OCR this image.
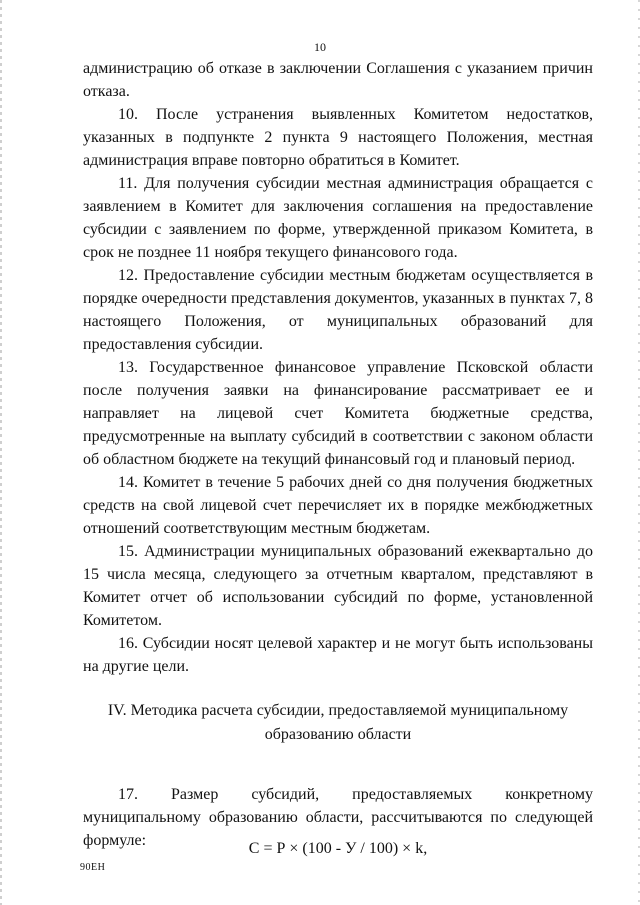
10

администрацию об отказе в заключении Соглашения с указанием причин отказа.

10. После устранения выявленных Комитетом недостатков, указанных в подпункте 2 пункта 9 настоящего Положения, местная администрация вправе повторно обратиться в Комитет.

11. Для получения субсидии местная администрация обращается с заявлением в Комитет для заключения соглашения на предоставление субсидии с заявлением по форме, утвержденной приказом Комитета, в срок не позднее 11 ноября текущего финансового года.

12. Предоставление субсидии местным бюджетам осуществляется в порядке очередности представления документов, указанных в пунктах 7, 8 настоящего Положения, от муниципальных образований для предоставления субсидии.

13. Государственное финансовое управление Псковской области после получения заявки на финансирование рассматривает ее и направляет на лицевой счет Комитета бюджетные средства, предусмотренные на выплату субсидий в соответствии с законом области об областном бюджете на текущий финансовый год и плановый период.

14. Комитет в течение 5 рабочих дней со дня получения бюджетных средств на свой лицевой счет перечисляет их в порядке межбюджетных отношений соответствующим местным бюджетам.

15. Администрации муниципальных образований ежеквартально до 15 числа месяца, следующего за отчетным кварталом, представляют в Комитет отчет об использовании субсидий по форме, установленной Комитетом.

16. Субсидии носят целевой характер и не могут быть использованы на другие цели.

IV. Методика расчета субсидии, предоставляемой муниципальному
образованию области

17. Размер субсидий, предоставляемых конкретному муниципальному образованию области, рассчитываются по следующей формуле:	С = Р × (100 - У / 100) × k,
90EH
